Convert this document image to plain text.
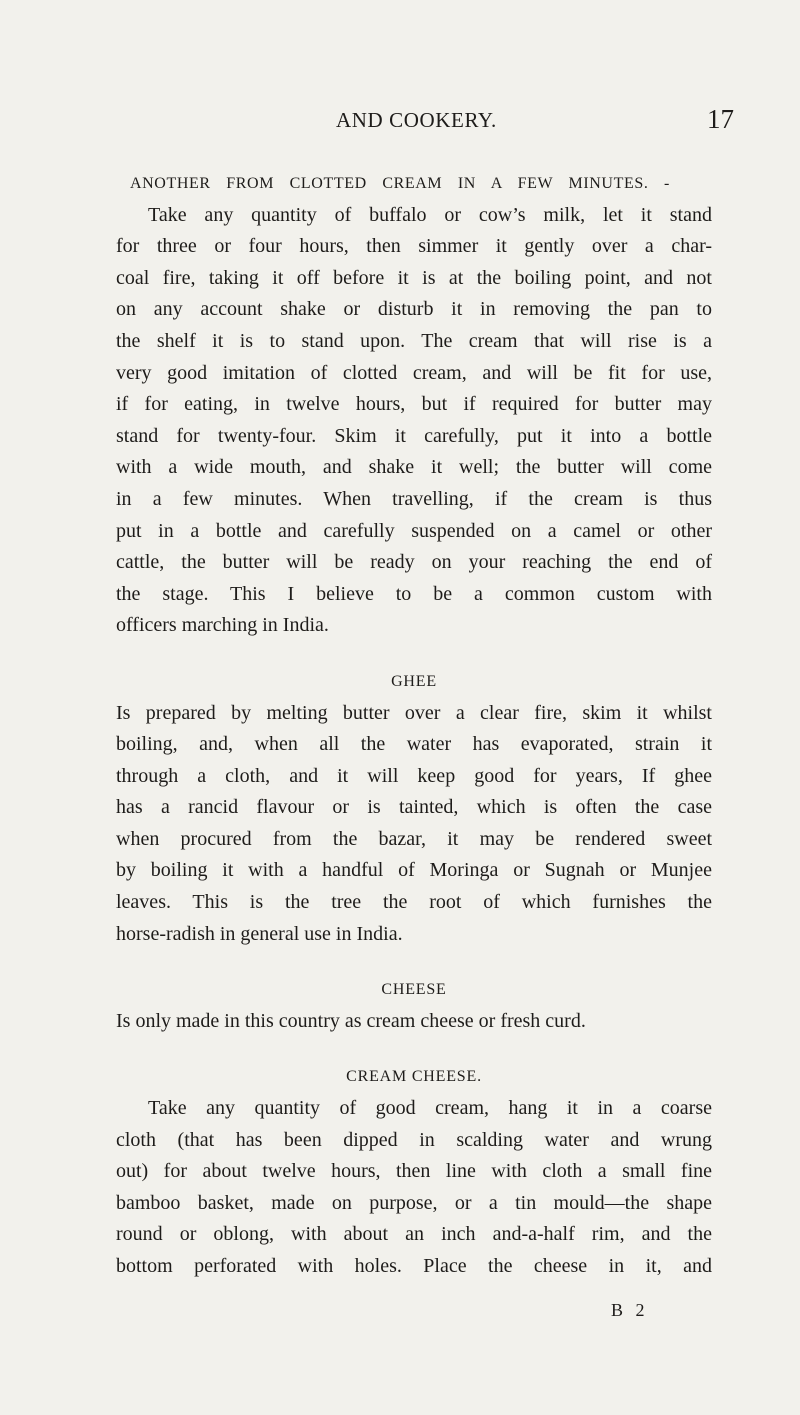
AND COOKERY.	17
ANOTHER FROM CLOTTED CREAM IN A FEW MINUTES. -
Take any quantity of buffalo or cow’s milk, let it stand
for three or four hours, then simmer it gently over a char-
coal fire, taking it off before it is at the boiling point, and not
on any account shake or disturb it in removing the pan to
the shelf it is to stand upon. The cream that will rise is a
very good imitation of clotted cream, and will be fit for use,
if for eating, in twelve hours, but if required for butter may
stand for twenty-four. Skim it carefully, put it into a bottle
with a wide mouth, and shake it well; the butter will come
in a few minutes. When travelling, if the cream is thus
put in a bottle and carefully suspended on a camel or other
cattle, the butter will be ready on your reaching the end of
the stage. This I believe to be a common custom with
officers marching in India.
GHEE
Is prepared by melting butter over a clear fire, skim it whilst
boiling, and, when all the water has evaporated, strain it
through a cloth, and it will keep good for years, If ghee
has a rancid flavour or is tainted, which is often the case
when procured from the bazar, it may be rendered sweet
by boiling it with a handful of Moringa or Sugnah or Munjee
leaves. This is the tree the root of which furnishes the
horse-radish in general use in India.
CHEESE
Is only made in this country as cream cheese or fresh curd.
CREAM CHEESE.
Take any quantity of good cream, hang it in a coarse
cloth (that has been dipped in scalding water and wrung
out) for about twelve hours, then line with cloth a small fine
bamboo basket, made on purpose, or a tin mould—the shape
round or oblong, with about an inch and-a-half rim, and the
bottom perforated with holes. Place the cheese in it, and
B 2
